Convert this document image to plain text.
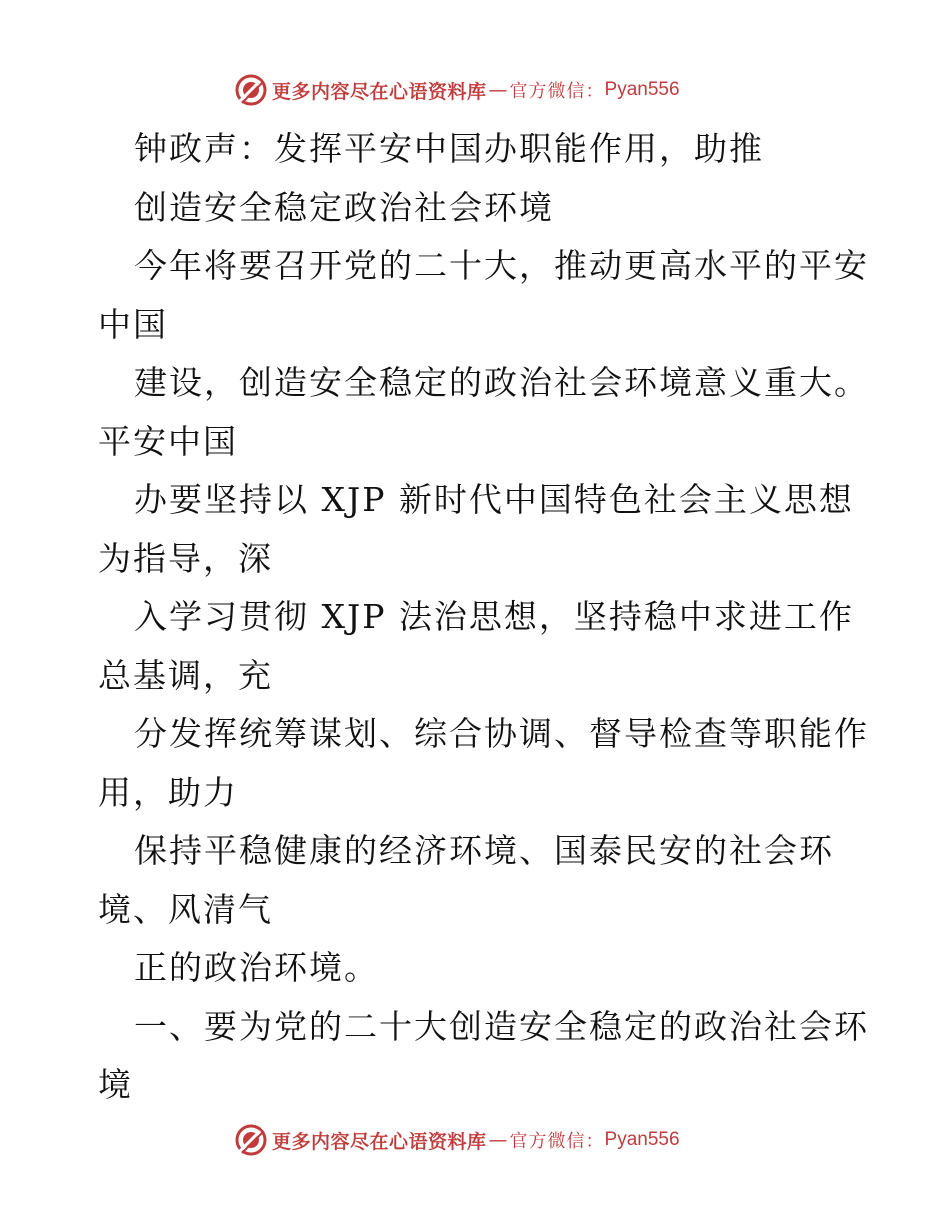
更多内容尽在心语资料库 — 官方微信： Pyan556
钟政声：发挥平安中国办职能作用，助推
创造安全稳定政治社会环境
今年将要召开党的二十大，推动更高水平的平安
中国
建设，创造安全稳定的政治社会环境意义重大。
平安中国
办要坚持以 XJP 新时代中国特色社会主义思想
为指导，深
入学习贯彻 XJP 法治思想，坚持稳中求进工作
总基调，充
分发挥统筹谋划、综合协调、督导检查等职能作
用，助力
保持平稳健康的经济环境、国泰民安的社会环
境、风清气
正的政治环境。
一、要为党的二十大创造安全稳定的政治社会环
境
更多内容尽在心语资料库 — 官方微信： Pyan556
